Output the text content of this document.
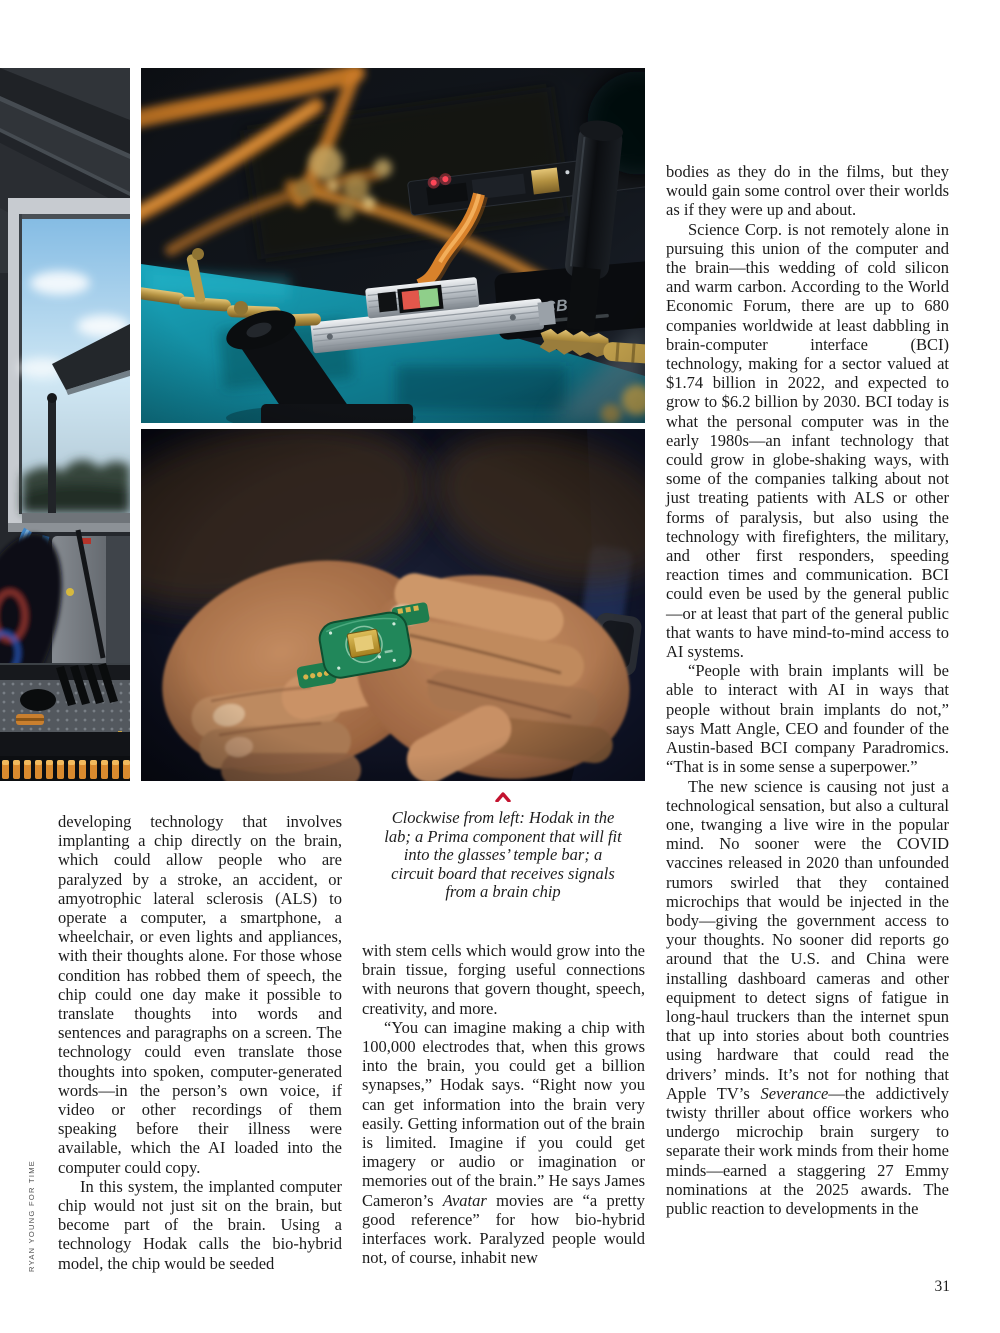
RYAN YOUNG FOR TIME
Clockwise from left: Hodak in the lab; a Prima component that will fit into the glasses’ temple bar; a circuit board that receives signals from a brain chip

developing technology that involves implanting a chip directly on the brain, which could allow people who are paralyzed by a stroke, an accident, or amyotrophic lateral sclerosis (ALS) to operate a computer, a smartphone, a wheelchair, or even lights and appliances, with their thoughts alone. For those whose condition has robbed them of speech, the chip could one day make it possible to translate thoughts into words and sentences and paragraphs on a screen. The technology could even translate those thoughts into spoken, computer-generated words—in the person’s own voice, if video or other recordings of them speaking before their illness were available, which the AI loaded into the computer could copy.

In this system, the implanted computer chip would not just sit on the brain, but become part of the brain. Using a technology Hodak calls the bio-hybrid model, the chip would be seeded

with stem cells which would grow into the brain tissue, forging useful connections with neurons that govern thought, speech, creativity, and more.

“You can imagine making a chip with 100,000 electrodes that, when this grows into the brain, you could get a billion synapses,” Hodak says. “Right now you can get information into the brain very easily. Getting information out of the brain is limited. Imagine if you could get imagery or audio or imagination or memories out of the brain.” He says James Cameron’s Avatar movies are “a pretty good reference” for how bio-hybrid interfaces work. Paralyzed people would not, of course, inhabit new

bodies as they do in the films, but they would gain some control over their worlds as if they were up and about.

Science Corp. is not remotely alone in pursuing this union of the computer and the brain—this wedding of cold silicon and warm carbon. According to the World Economic Forum, there are up to 680 companies worldwide at least dabbling in brain-computer interface (BCI) technology, making for a sector valued at $1.74 billion in 2022, and expected to grow to $6.2 billion by 2030. BCI today is what the personal computer was in the early 1980s—an infant technology that could grow in globe-shaking ways, with some of the companies talking about not just treating patients with ALS or other forms of paralysis, but also using the technology with firefighters, the military, and other first responders, speeding reaction times and communication. BCI could even be used by the general public—or at least that part of the general public that wants to have mind-to-mind access to AI systems.

“People with brain implants will be able to interact with AI in ways that people without brain implants do not,” says Matt Angle, CEO and founder of the Austin-based BCI company Paradromics. “That is in some sense a superpower.”

The new science is causing not just a technological sensation, but also a cultural one, twanging a live wire in the popular mind. No sooner were the COVID vaccines released in 2020 than unfounded rumors swirled that they contained microchips that would be injected in the body—giving the government access to your thoughts. No sooner did reports go around that the U.S. and China were installing dashboard cameras and other equipment to detect signs of fatigue in long-haul truckers than the internet spun that up into stories about both countries using hardware that could read the drivers’ minds. It’s not for nothing that Apple TV’s Severance—the addictively twisty thriller about office workers who undergo microchip brain surgery to separate their work minds from their home minds—earned a staggering 27 Emmy nominations at the 2025 awards. The public reaction to developments in the

31
